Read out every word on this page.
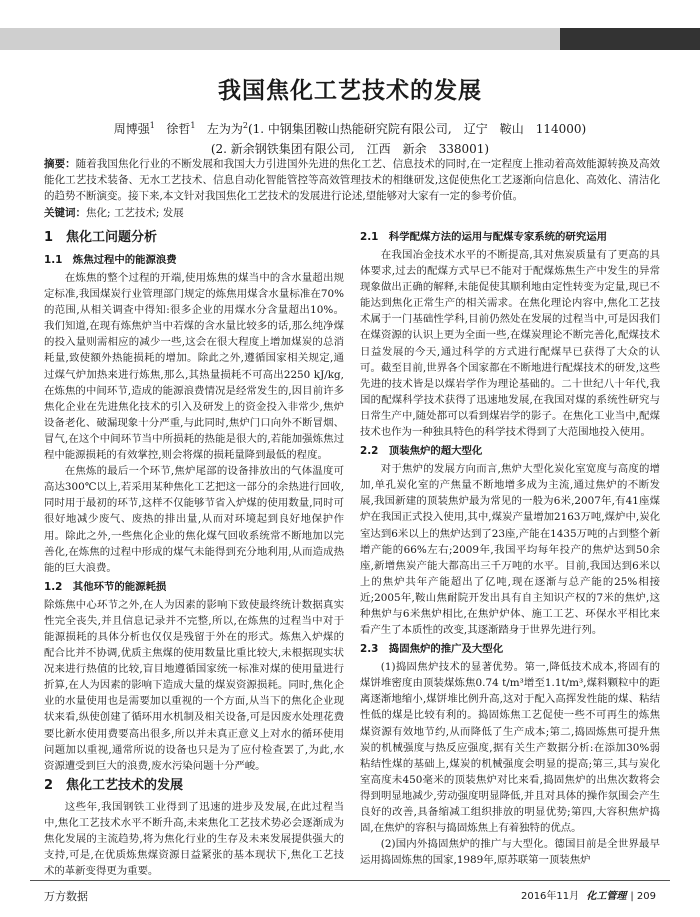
我国焦化工艺技术的发展
周博强$^1$ 徐哲$^1$ 左为为$^2$(1. 中钢集团鞍山热能研究院有限公司,　辽宁　鞍山　114000)
(2. 新余钢铁集团有限公司,　江西　新余　338001)
摘要：随着我国焦化行业的不断发展和我国大力引进国外先进的焦化工艺、信息技术的同时,在一定程度上推动着高效能源转换及高效能化工艺技术装备、无水工艺技术、信息自动化智能管控等高效管理技术的相继研发,这促使焦化工艺逐渐向信息化、高效化、清洁化的趋势不断演变。接下来,本文针对我国焦化工艺技术的发展进行论述,望能够对大家有一定的参考价值。
关键词：焦化; 工艺技术; 发展
1　焦化工问题分析
1.1　炼焦过程中的能源浪费

在炼焦的整个过程的开端,使用炼焦的煤当中的含水量超出规定标准,我国煤炭行业管理部门规定的炼焦用煤含水量标准在70%的范围,从相关调查中得知:很多企业的用煤水分含量超出10%。我们知道,在现有炼焦炉当中若煤的含水量比较多的话,那么纯净煤的投入量则需相应的减少一些,这会在很大程度上增加煤炭的总消耗量,致使额外热能损耗的增加。除此之外,遵循国家相关规定,通过煤气炉加热来进行炼焦,那么,其热量损耗不可高出2250 kJ/kg,在炼焦的中间环节,造成的能源浪费情况是经常发生的,因目前许多焦化企业在先进焦化技术的引入及研发上的资金投入非常少,焦炉设备老化、破漏现象十分严重,与此同时,焦炉门口向外不断冒烟、冒气,在这个中间环节当中所损耗的热能是很大的,若能加强炼焦过程中能源损耗的有效掌控,则会将煤的损耗量降到最低的程度。

在焦炼的最后一个环节,焦炉尾部的设备排放出的气体温度可高达300℃以上,若采用某种焦化工艺把这一部分的余热进行回收,同时用于最初的环节,这样不仅能够节省入炉煤的使用数量,同时可很好地减少废气、废热的排出量,从而对环境起到良好地保护作用。除此之外,一些焦化企业的焦化煤气回收系统常不断地加以完善化,在炼焦的过程中形成的煤气未能得到充分地利用,从而造成热能的巨大浪费。

1.2　其他环节的能源耗损

除炼焦中心环节之外,在人为因素的影响下致使最终统计数据真实性完全丧失,并且信息记录并不完整,所以,在炼焦的过程当中对于能源损耗的具体分析也仅仅是残留于外在的形式。炼焦入炉煤的配合比并不协调,优质主焦煤的使用数量比重比较大,未根据现实状况来进行热值的比较,盲目地遵循国家统一标准对煤的使用量进行折算,在人为因素的影响下造成大量的煤炭资源损耗。同时,焦化企业的水量使用也是需要加以重视的一个方面,从当下的焦化企业现状来看,纵使创建了循环用水机制及相关设备,可是因废水处理花费要比新水使用费要高出很多,所以并未真正意义上对水的循环使用问题加以重视,通常所说的设备也只是为了应付检查罢了,为此,水资源遭受到巨大的浪费,废水污染问题十分严峻。

2　焦化工艺技术的发展

这些年,我国钢铁工业得到了迅速的进步及发展,在此过程当中,焦化工艺技术水平不断升高,未来焦化工艺技术势必会逐渐成为焦化发展的主流趋势,将为焦化行业的生存及未来发展提供强大的支持,可是,在优质炼焦煤资源日益紧张的基本现状下,焦化工艺技术的革新变得更为重要。

2.1　科学配煤方法的运用与配煤专家系统的研究运用

在我国冶金技术水平的不断提高,其对焦炭质量有了更高的具体要求,过去的配煤方式早已不能对于配煤炼焦生产中发生的异常现象做出正确的解释,未能促使其顺利地由定性转变为定量,现已不能达到焦化正常生产的相关需求。在焦化理论内容中,焦化工艺技术属于一门基础性学科,目前仍然处在发展的过程当中,可是因我们在煤资源的认识上更为全面一些,在煤炭理论不断完善化,配煤技术日益发展的今天,通过科学的方式进行配煤早已获得了大众的认可。截至目前,世界各个国家都在不断地进行配煤技术的研发,这些先进的技术皆是以煤岩学作为理论基础的。二十世纪八十年代,我国的配煤科学技术获得了迅速地发展,在我国对煤的系统性研究与日常生产中,随处都可以看到煤岩学的影子。在焦化工业当中,配煤技术也作为一种独具特色的科学技术得到了大范围地投入使用。

2.2　顶装焦炉的超大型化

对于焦炉的发展方向而言,焦炉大型化炭化室宽度与高度的增加,单孔炭化室的产焦量不断地增多成为主流,通过焦炉的不断发展,我国新建的顶装焦炉最为常见的一般为6米,2007年,有41座煤炉在我国正式投入使用,其中,煤炭产量增加2163万吨,煤炉中,炭化室达到6米以上的焦炉达到了23座,产能在1435万吨的占到整个新增产能的66%左右;2009年,我国平均每年投产的焦炉达到50余座,新增焦炭产能大都高出三千万吨的水平。目前,我国达到6米以上的焦炉共年产能超出了亿吨,现在逐渐与总产能的25%相接近;2005年,鞍山焦耐院开发出具有自主知识产权的7米的焦炉,这种焦炉与6米焦炉相比,在焦炉炉体、施工工艺、环保水平相比来看产生了本质性的改变,其逐渐踏身于世界先进行列。

2.3　捣固焦炉的推广及大型化

(1)捣固焦炉技术的显著优势。第一,降低技术成本,将固有的煤饼堆密度由顶装煤炼焦0.74 t/m³增至1.1t/m³,煤料颗粒中的距离逐渐地缩小,煤饼堆比例升高,这对于配入高挥发性能的煤、粘结性低的煤是比较有利的。捣固炼焦工艺促使一些不可再生的炼焦煤资源有效地节约,从而降低了生产成本;第二,捣固炼焦可提升焦炭的机械强度与热反应强度,据有关生产数据分析:在添加30%弱粘结性煤的基础上,煤炭的机械强度会明显的提高;第三,其与炭化室高度未450毫米的顶装焦炉对比来看,捣固焦炉的出焦次数将会得到明显地减少,劳动强度明显降低,并且对具体的操作氛围会产生良好的改善,具备缩减工组织排放的明显优势;第四,大容积焦炉捣固,在焦炉的容积与捣固炼焦上有着独特的优点。

(2)国内外捣固焦炉的推广与大型化。德国目前是全世界最早运用捣固炼焦的国家,1989年,原苏联第一顶装焦炉

万方数据	2016年11月 化工管理 | 209
